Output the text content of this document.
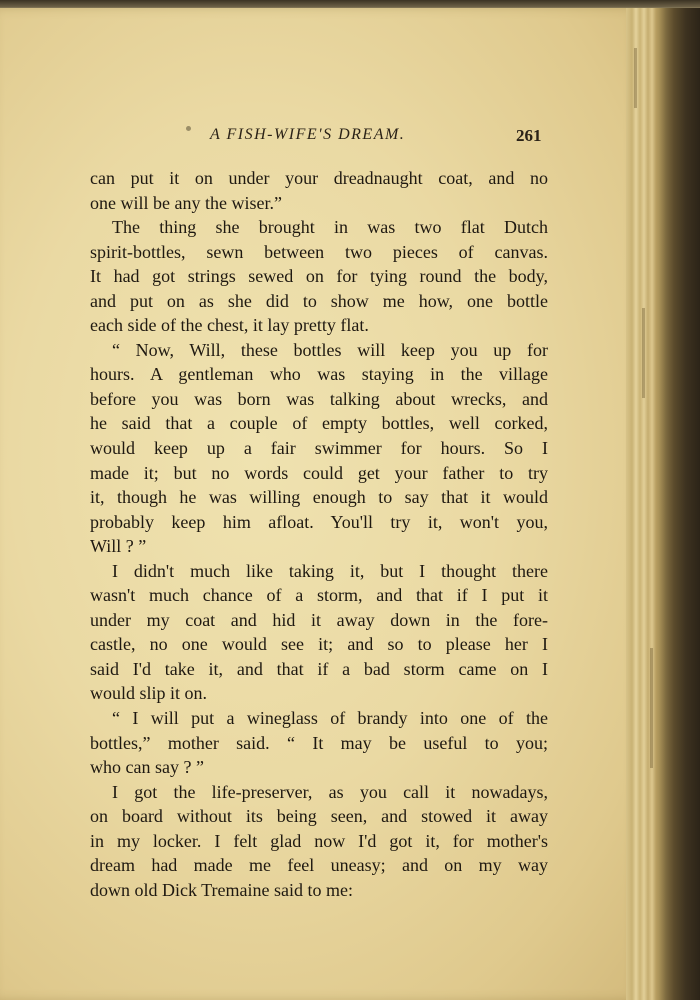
A FISH-WIFE'S DREAM.	261
can put it on under your dreadnaught coat, and no
one will be any the wiser.”
The thing she brought in was two flat Dutch
spirit-bottles, sewn between two pieces of canvas.
It had got strings sewed on for tying round the body,
and put on as she did to show me how, one bottle
each side of the chest, it lay pretty flat.
“ Now, Will, these bottles will keep you up for
hours. A gentleman who was staying in the village
before you was born was talking about wrecks, and
he said that a couple of empty bottles, well corked,
would keep up a fair swimmer for hours. So I
made it; but no words could get your father to try
it, though he was willing enough to say that it would
probably keep him afloat. You'll try it, won't you,
Will ? ”
I didn't much like taking it, but I thought there
wasn't much chance of a storm, and that if I put it
under my coat and hid it away down in the fore-
castle, no one would see it; and so to please her I
said I'd take it, and that if a bad storm came on I
would slip it on.
“ I will put a wineglass of brandy into one of the
bottles,” mother said. “ It may be useful to you;
who can say ? ”
I got the life-preserver, as you call it nowadays,
on board without its being seen, and stowed it away
in my locker. I felt glad now I'd got it, for mother's
dream had made me feel uneasy; and on my way
down old Dick Tremaine said to me:
